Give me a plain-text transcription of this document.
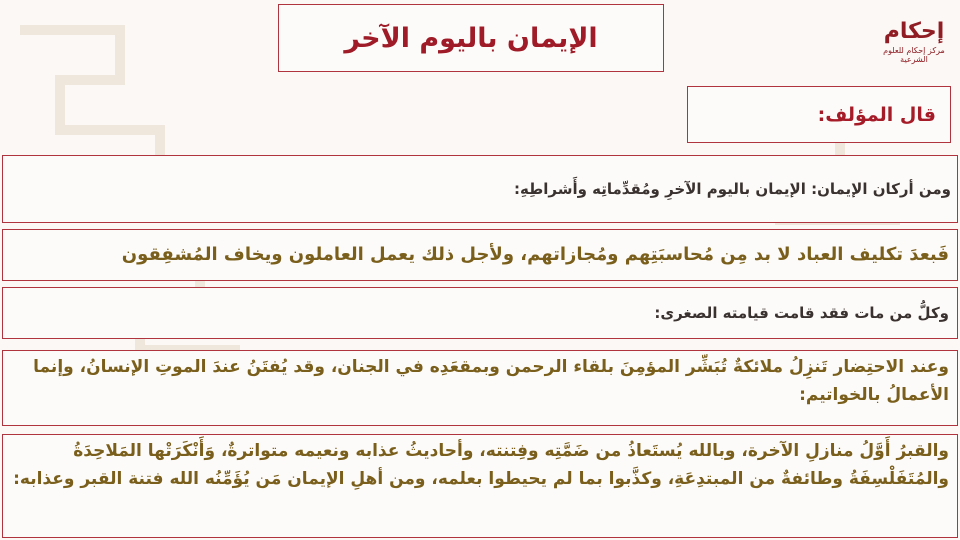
إحكام
مركز إحكام للعلوم الشرعية
الإيمان باليوم الآخر
قال المؤلف:
ومن أركان الإيمان: الإيمان باليوم الآخرِ ومُقدِّماتِه وأَشراطِهِ:
فَبعدَ تكليف العباد لا بد مِن مُحاسبَتِهم ومُجازاتهم، ولأجل ذلك يعمل العاملون ويخاف المُشفِقون
وكلُّ من مات فقد قامت قيامته الصغرى:
وعند الاحتِضار تَنزِلُ ملائكةٌ تُبَشِّر المؤمِنَ بلقاء الرحمن وبمقعَدِه في الجنان، وقد يُفتَنُ عندَ الموتِ الإنسانُ، وإنما الأعمالُ بالخواتيم:
والقبرُ أَوَّلُ منازلِ الآخرة، وبالله يُستَعاذُ من ضَمَّتِه وفِتنته، وأحاديثُ عذابه ونعيمه متواترةٌ، وَأَنْكَرَتْها المَلاحِدَةُ والمُتَفَلْسِفَةُ وطائفةٌ من المبتدِعَةِ، وكذَّبوا بما لم يحيطوا بعلمه، ومن أهلِ الإيمان مَن يُؤَمِّنُه الله فتنة القبر وعذابه:
